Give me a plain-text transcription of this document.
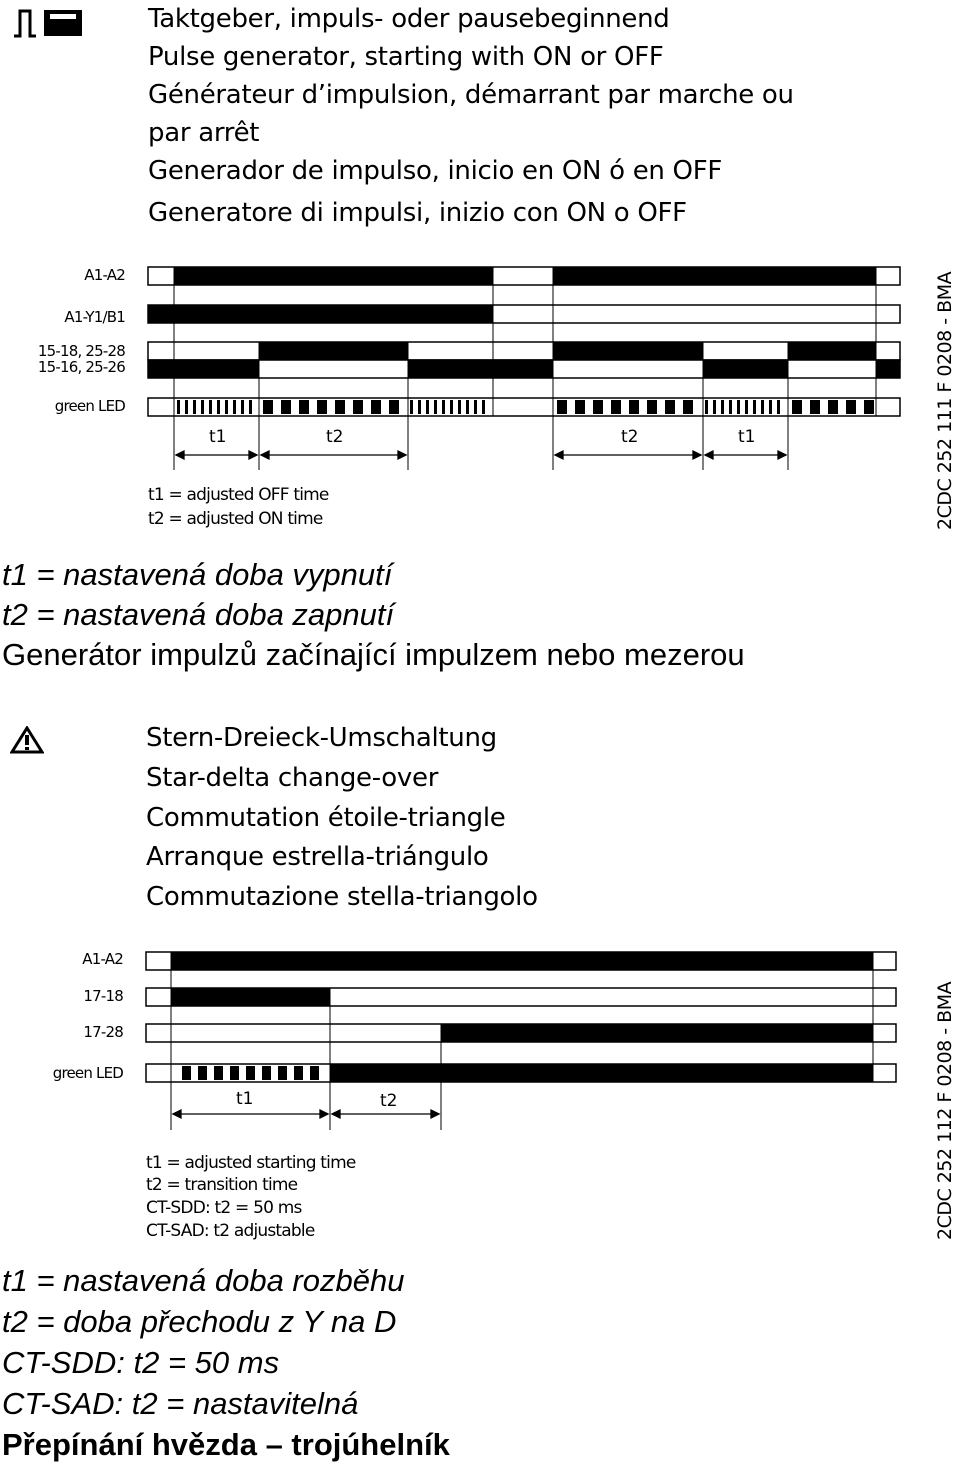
Taktgeber, impuls- oder pausebeginnend
Pulse generator, starting with ON or OFF
Générateur d’impulsion, démarrant par marche ou
par arrêt
Generador de impulso, inicio en ON ó en OFF
Generatore di impulsi, inizio con ON o OFF
A1-A2
A1-Y1/B1
15-18, 25-28
15-16, 25-26
green LED
t1	t2	t2	t1
t1 = adjusted OFF time
t2 = adjusted ON time	2CDC 252 111 F 0208 - BMA
t1 = nastavená doba vypnutí
t2 = nastavená doba zapnutí
Generátor impulzů začínající impulzem nebo mezerou
Stern-Dreieck-Umschaltung
Star-delta change-over
Commutation étoile-triangle
Arranque estrella-triángulo
Commutazione stella-triangolo
A1-A2
17-18
17-28
green LED
t1	t2
t1 = adjusted starting time
t2 = transition time
CT-SDD: t2 = 50 ms
CT-SAD: t2 adjustable	2CDC 252 112 F 0208 - BMA
t1 = nastavená doba rozběhu
t2 = doba přechodu z Y na D
CT-SDD: t2 = 50 ms
CT-SAD: t2 = nastavitelná
Přepínání hvězda – trojúhelník
